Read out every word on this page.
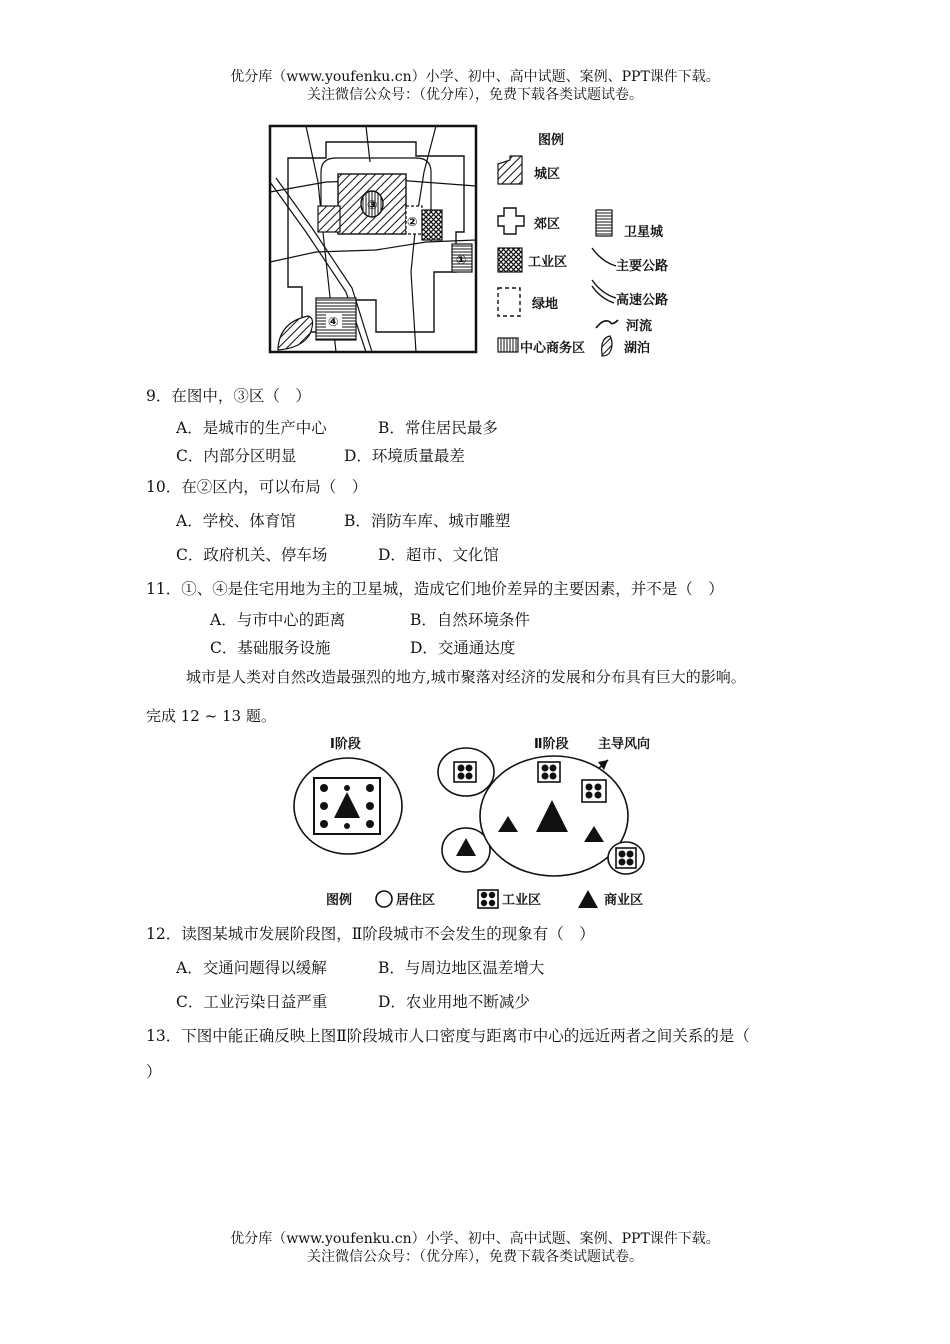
优分库（www.youfenku.cn）小学、初中、高中试题、案例、PPT课件下载。
关注微信公众号：（优分库），免费下载各类试题试卷。
③
②
①
④
图例
城区
郊区
卫星城
工业区	主要公路
绿地	高速公路
河流
中心商务区	湖泊
9．在图中，③区（　）
A．是城市的生产中心	B．常住居民最多
C．内部分区明显	D．环境质量最差
10．在②区内，可以布局（　）
A．学校、体育馆	B．消防车库、城市雕塑
C．政府机关、停车场	D．超市、文化馆
11．①、④是住宅用地为主的卫星城，造成它们地价差异的主要因素，并不是（　）
A．与市中心的距离	B．自然环境条件
C．基础服务设施	D．交通通达度
城市是人类对自然改造最强烈的地方,城市聚落对经济的发展和分布具有巨大的影响。
完成 12 ~ 13 题。
Ⅰ阶段	Ⅱ阶段 主导风向
图例	居住区	工业区	商业区
12．读图某城市发展阶段图，Ⅱ阶段城市不会发生的现象有（　）
A．交通问题得以缓解	B．与周边地区温差增大
C．工业污染日益严重	D．农业用地不断减少
13．下图中能正确反映上图Ⅱ阶段城市人口密度与距离市中心的远近两者之间关系的是（
）
优分库（www.youfenku.cn）小学、初中、高中试题、案例、PPT课件下载。
关注微信公众号：（优分库），免费下载各类试题试卷。
